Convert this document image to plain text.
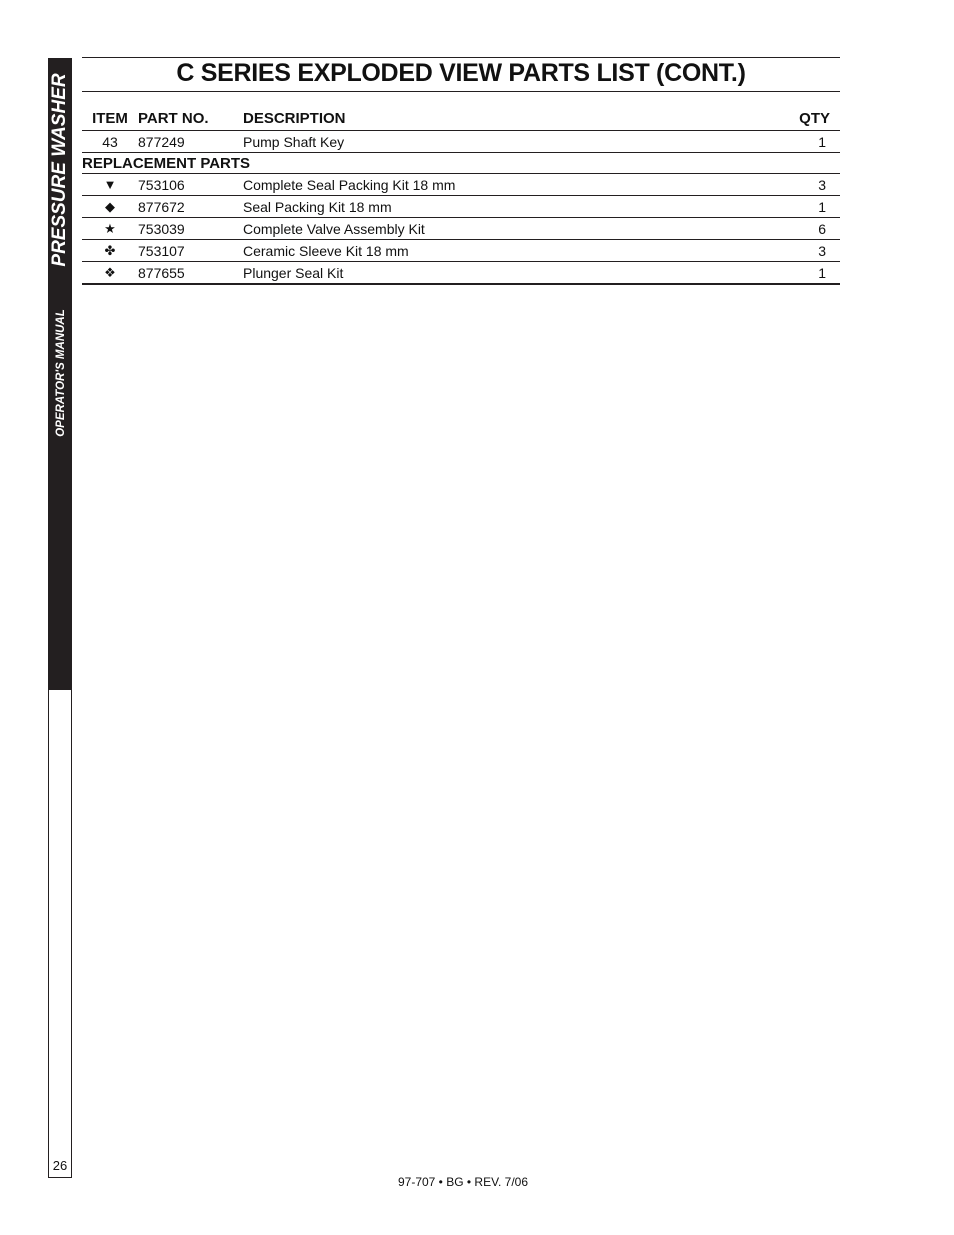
PRESSURE WASHER
OPERATOR'S MANUAL
26
C SERIES EXPLODED VIEW PARTS LIST (CONT.)
ITEM	PART NO.	DESCRIPTION	QTY
43	877249	Pump Shaft Key	1
REPLACEMENT PARTS			
▼	753106	Complete Seal Packing Kit 18 mm	3
◆	877672	Seal Packing Kit 18 mm	1
★	753039	Complete Valve Assembly Kit	6
✤	753107	Ceramic Sleeve Kit 18 mm	3
❖	877655	Plunger Seal Kit	1
97-707 • BG • REV. 7/06
